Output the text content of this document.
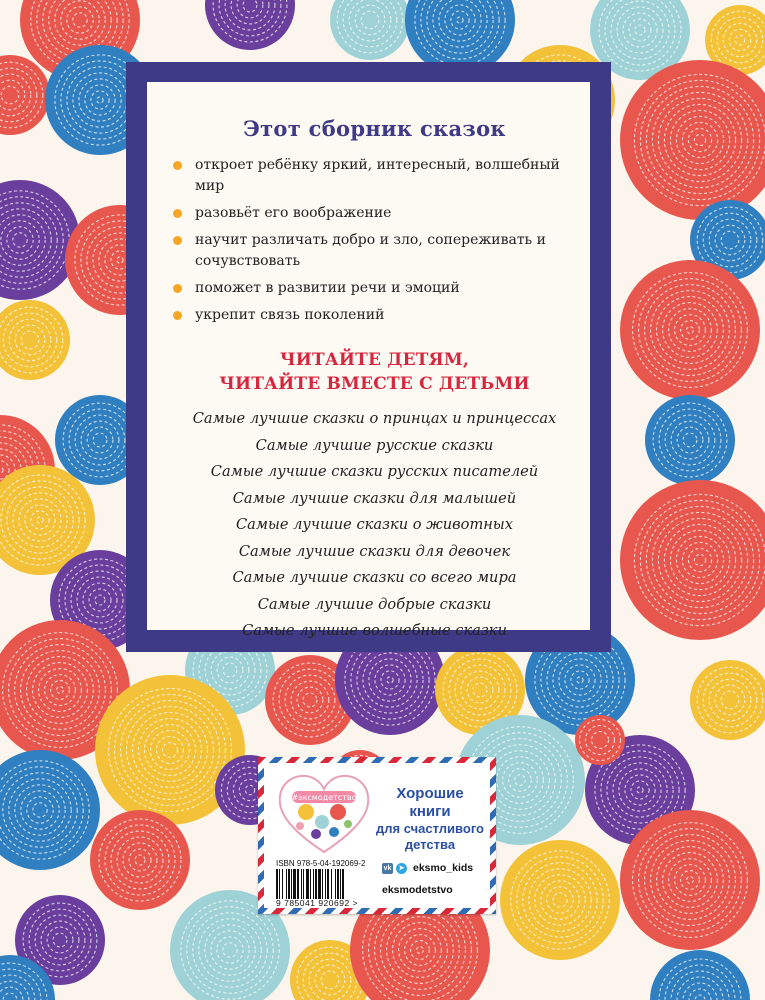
Этот сборник сказок
откроет ребёнку яркий, интересный, волшебный мир
разовьёт его воображение
научит различать добро и зло, сопереживать и сочувствовать
поможет в развитии речи и эмоций
укрепит связь поколений
ЧИТАЙТЕ ДЕТЯМ,
ЧИТАЙТЕ ВМЕСТЕ С ДЕТЬМИ
Самые лучшие сказки о принцах и принцессах
Самые лучшие русские сказки
Самые лучшие сказки русских писателей
Самые лучшие сказки для малышей
Самые лучшие сказки о животных
Самые лучшие сказки для девочек
Самые лучшие сказки со всего мира
Самые лучшие добрые сказки
Самые лучшие волшебные сказки
#эксмодетство	Хорошие
книги
для счастливого
детства
ISBN 978-5-04-192069-2
9 785041 920692 >
vk	➤ eksmo_kids
eksmodetstvo
